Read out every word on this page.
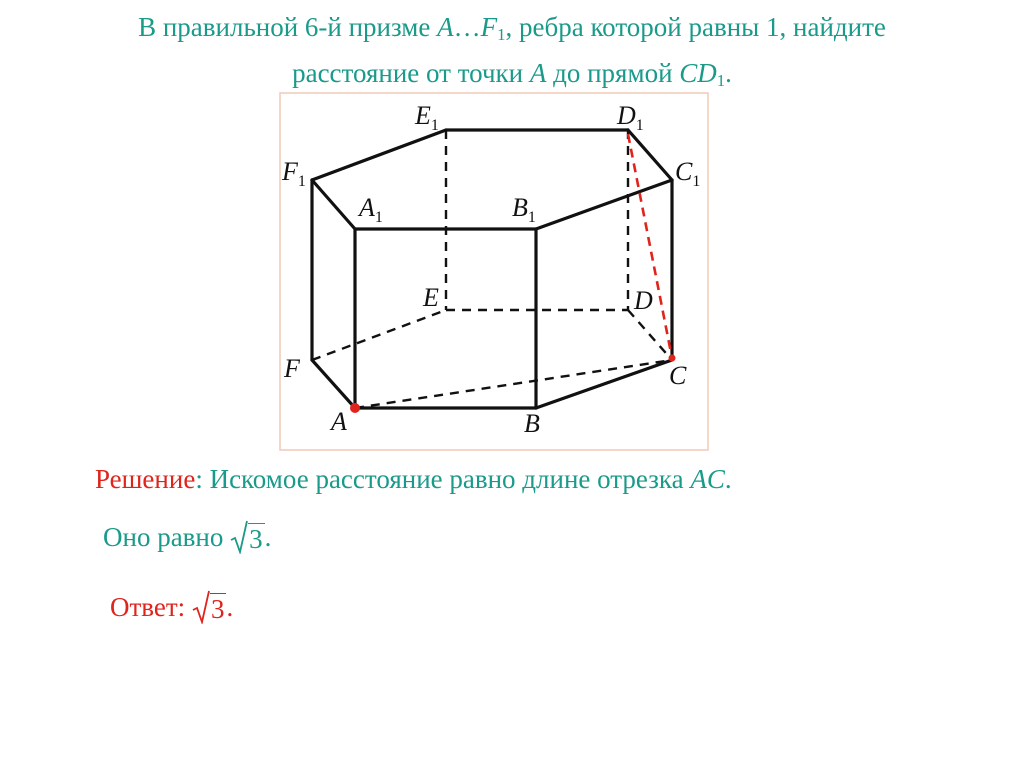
В правильной 6-й призме $A\dots F_1$, ребра которой равны 1, найдите
расстояние от точки A до прямой $CD_1$.
$E_1$	$D_1$
$F_1$	$C_1$
$A_1$	$B_1$
E	D
F	C
A	B
Решение: Искомое расстояние равно длине отрезка AC.
Оно равно 3 .
Ответ: 3 .
